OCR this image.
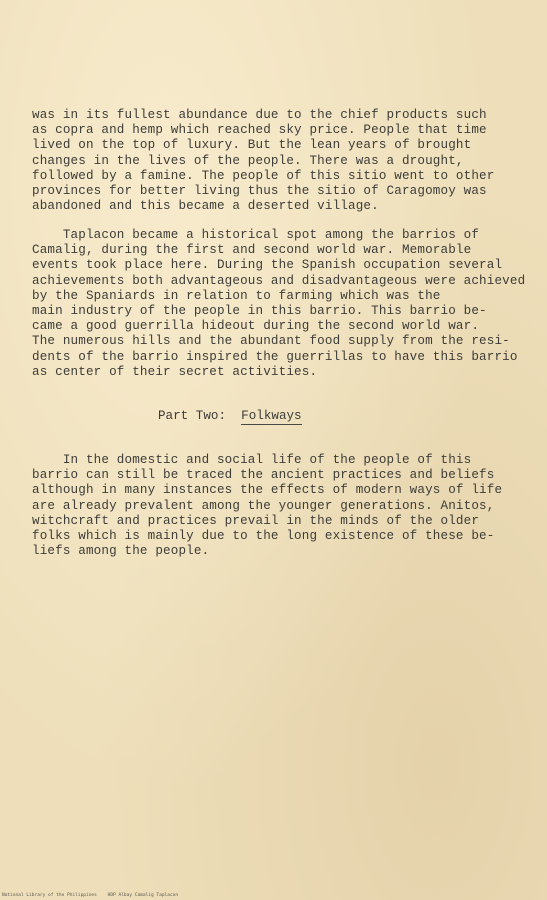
was in its fullest abundance due to the chief products such
as copra and hemp which reached sky price. People that time
lived on the top of luxury. But the lean years of brought
changes in the lives of the people. There was a drought,
followed by a famine. The people of this sitio went to other
provinces for better living thus the sitio of Caragomoy was
abandoned and this became a deserted village.

Taplacon became a historical spot among the barrios of
Camalig, during the first and second world war. Memorable
events took place here. During the Spanish occupation several
achievements both advantageous and disadvantageous were achieved
by the Spaniards in relation to farming which was the
main industry of the people in this barrio. This barrio be-
came a good guerrilla hideout during the second world war.
The numerous hills and the abundant food supply from the resi-
dents of the barrio inspired the guerrillas to have this barrio
as center of their secret activities.

Part Two: Folkways

In the domestic and social life of the people of this
barrio can still be traced the ancient practices and beliefs
although in many instances the effects of modern ways of life
are already prevalent among the younger generations. Anitos,
witchcraft and practices prevail in the minds of the older
folks which is mainly due to the long existence of these be-
liefs among the people.

National Library of the Philippines    HDP Albay Camalig Taplacon
